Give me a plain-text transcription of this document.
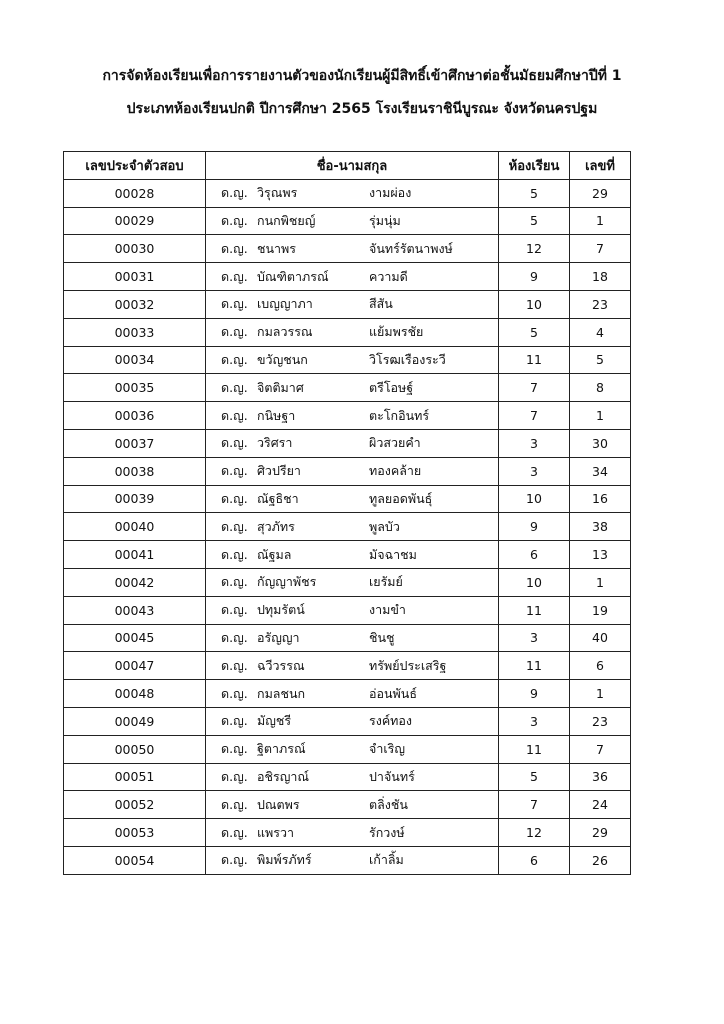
การจัดห้องเรียนเพื่อการรายงานตัวของนักเรียนผู้มีสิทธิ์เข้าศึกษาต่อชั้นมัธยมศึกษาปีที่ 1
ประเภทห้องเรียนปกติ ปีการศึกษา 2565 โรงเรียนราชินีบูรณะ จังหวัดนครปฐม
เลขประจำตัวสอบ	ชื่อ-นามสกุล	ห้องเรียน	เลขที่
00028	ด.ญ. วิรุณพร งามผ่อง	5	29
00029	ด.ญ. กนกพิชยญ์ รุ่มนุ่ม	5	1
00030	ด.ญ. ชนาพร จันทร์รัตนาพงษ์	12	7
00031	ด.ญ. บัณฑิตาภรณ์ ความดี	9	18
00032	ด.ญ. เบญญาภา สีสัน	10	23
00033	ด.ญ. กมลวรรณ แย้มพรชัย	5	4
00034	ด.ญ. ขวัญชนก วิโรฒเรืองระวี	11	5
00035	ด.ญ. จิตติมาศ ตรีโอษฐ์	7	8
00036	ด.ญ. กนิษฐา ตะโกอินทร์	7	1
00037	ด.ญ. วริศรา ผิวสวยคำ	3	30
00038	ด.ญ. ศิวปรียา ทองคล้าย	3	34
00039	ด.ญ. ณัฐธิชา ทูลยอดพันธุ์	10	16
00040	ด.ญ. สุวภัทร พูลบัว	9	38
00041	ด.ญ. ณัฐมล มัจฉาชม	6	13
00042	ด.ญ. กัญญาพัชร เยรัมย์	10	1
00043	ด.ญ. ปทุมรัตน์ งามขำ	11	19
00045	ด.ญ. อรัญญา ชินชู	3	40
00047	ด.ญ. ฉวีวรรณ ทรัพย์ประเสริฐ	11	6
00048	ด.ญ. กมลชนก อ่อนพันธ์	9	1
00049	ด.ญ. มัญชรี รงค์ทอง	3	23
00050	ด.ญ. ฐิตาภรณ์ จำเริญ	11	7
00051	ด.ญ. อชิรญาณ์ ปาจันทร์	5	36
00052	ด.ญ. ปณตพร ตลิ่งชัน	7	24
00053	ด.ญ. แพรวา รักวงษ์	12	29
00054	ด.ญ. พิมพ์รภัทร์ เก้าลิ้ม	6	26
